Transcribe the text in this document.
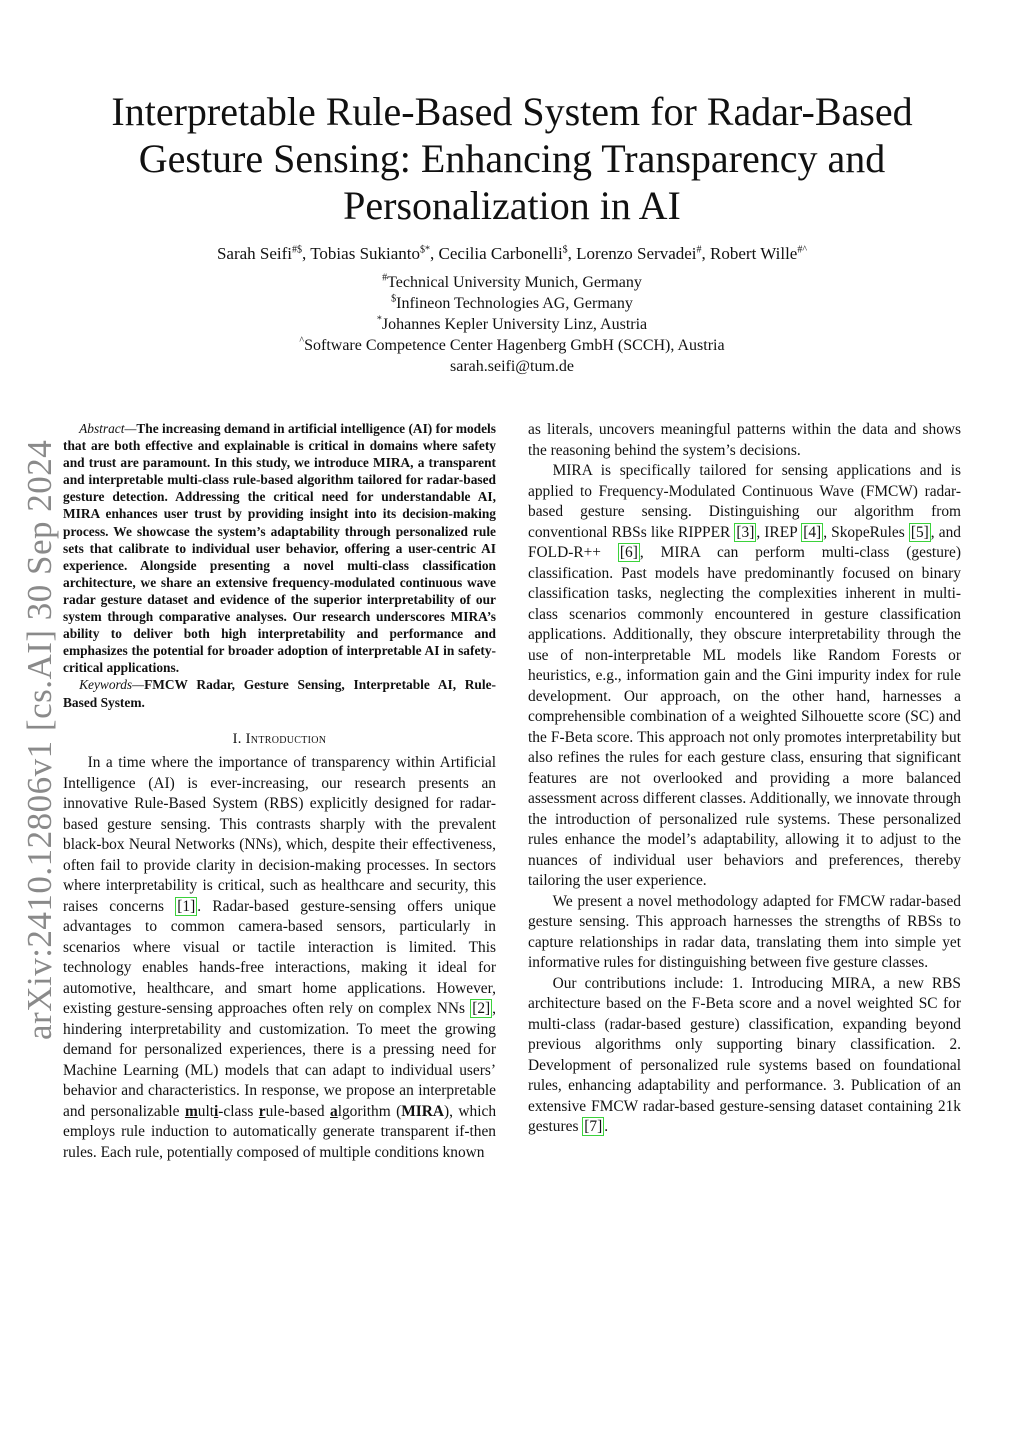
arXiv:2410.12806v1 [cs.AI] 30 Sep 2024
Interpretable Rule-Based System for Radar-Based Gesture Sensing: Enhancing Transparency and Personalization in AI
Sarah Seifi#$, Tobias Sukianto$*, Cecilia Carbonelli$, Lorenzo Servadei#, Robert Wille#^
#Technical University Munich, Germany
$Infineon Technologies AG, Germany
*Johannes Kepler University Linz, Austria
^Software Competence Center Hagenberg GmbH (SCCH), Austria
sarah.seifi@tum.de

Abstract—The increasing demand in artificial intelligence (AI) for models that are both effective and explainable is critical in domains where safety and trust are paramount. In this study, we introduce MIRA, a transparent and interpretable multi-class rule-based algorithm tailored for radar-based gesture detection. Addressing the critical need for understandable AI, MIRA enhances user trust by providing insight into its decision-making process. We showcase the system’s adaptability through personalized rule sets that calibrate to individual user behavior, offering a user-centric AI experience. Alongside presenting a novel multi-class classification architecture, we share an extensive frequency-modulated continuous wave radar gesture dataset and evidence of the superior interpretability of our system through comparative analyses. Our research underscores MIRA’s ability to deliver both high interpretability and performance and emphasizes the potential for broader adoption of interpretable AI in safety-critical applications.

Keywords—FMCW Radar, Gesture Sensing, Interpretable AI, Rule-Based System.

I. Introduction

In a time where the importance of transparency within Artificial Intelligence (AI) is ever-increasing, our research presents an innovative Rule-Based System (RBS) explicitly designed for radar-based gesture sensing. This contrasts sharply with the prevalent black-box Neural Networks (NNs), which, despite their effectiveness, often fail to provide clarity in decision-making processes. In sectors where interpretability is critical, such as healthcare and security, this raises concerns [1] . Radar-based gesture-sensing offers unique advantages to common camera-based sensors, particularly in scenarios where visual or tactile interaction is limited. This technology enables hands-free interactions, making it ideal for automotive, healthcare, and smart home applications. However, existing gesture-sensing approaches often rely on complex NNs [2] , hindering interpretability and customization. To meet the growing demand for personalized experiences, there is a pressing need for Machine Learning (ML) models that can adapt to individual users’ behavior and characteristics. In response, we propose an interpretable and personalizable multi-class rule-based algorithm (MIRA), which employs rule induction to automatically generate transparent if-then rules. Each rule, potentially composed of multiple conditions known

as literals, uncovers meaningful patterns within the data and shows the reasoning behind the system’s decisions.

MIRA is specifically tailored for sensing applications and is applied to Frequency-Modulated Continuous Wave (FMCW) radar-based gesture sensing. Distinguishing our algorithm from conventional RBSs like RIPPER [3] , IREP [4] , SkopeRules [5] , and FOLD-R++ [6] , MIRA can perform multi-class (gesture) classification. Past models have predominantly focused on binary classification tasks, neglecting the complexities inherent in multi-class scenarios commonly encountered in gesture classification applications. Additionally, they obscure interpretability through the use of non-interpretable ML models like Random Forests or heuristics, e.g., information gain and the Gini impurity index for rule development. Our approach, on the other hand, harnesses a comprehensible combination of a weighted Silhouette score (SC) and the F-Beta score. This approach not only promotes interpretability but also refines the rules for each gesture class, ensuring that significant features are not overlooked and providing a more balanced assessment across different classes. Additionally, we innovate through the introduction of personalized rule systems. These personalized rules enhance the model’s adaptability, allowing it to adjust to the nuances of individual user behaviors and preferences, thereby tailoring the user experience.

We present a novel methodology adapted for FMCW radar-based gesture sensing. This approach harnesses the strengths of RBSs to capture relationships in radar data, translating them into simple yet informative rules for distinguishing between five gesture classes.

Our contributions include: 1. Introducing MIRA, a new RBS architecture based on the F-Beta score and a novel weighted SC for multi-class (radar-based gesture) classification, expanding beyond previous algorithms only supporting binary classification. 2. Development of personalized rule systems based on foundational rules, enhancing adaptability and performance. 3. Publication of an extensive FMCW radar-based gesture-sensing dataset containing 21k gestures [7] .
